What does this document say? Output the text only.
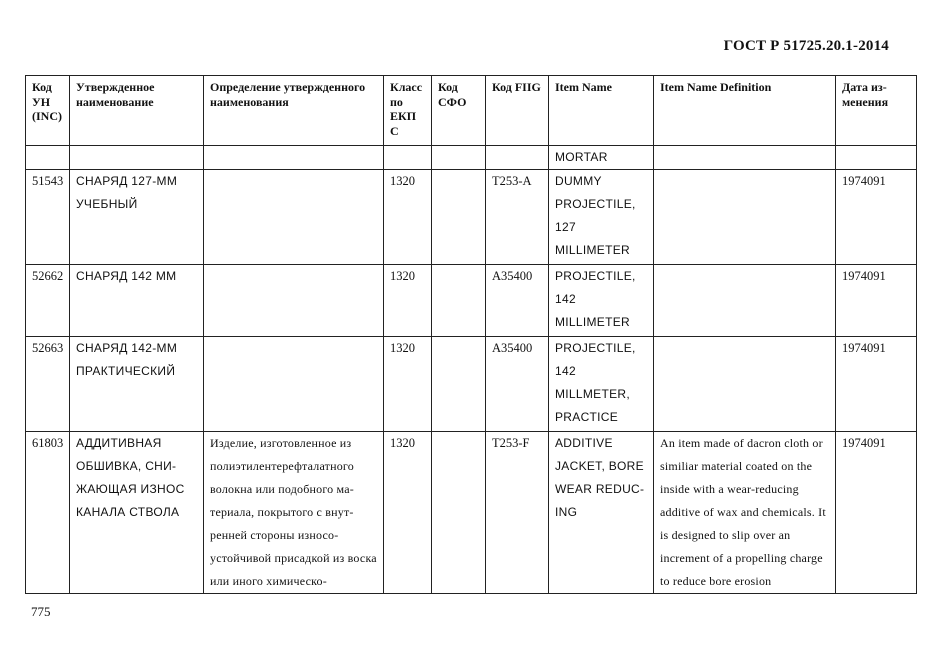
ГОСТ Р 51725.20.1-2014
Код УН (INC)	Утвержденное наименование	Определение утвержденного наименования	Класс по ЕКП С	Код СФО	Код FIIG	Item Name	Item Name Definition	Дата из-менения
						MORTAR		
51543	СНАРЯД 127-ММ УЧЕБНЫЙ		1320		T253-A	DUMMY PROJECTILE, 127 MILLIMETER		1974091
52662	СНАРЯД 142 ММ		1320		A35400	PROJECTILE, 142 MILLIMETER		1974091
52663	СНАРЯД 142-ММ ПРАКТИЧЕСКИЙ		1320		A35400	PROJECTILE, 142 MILLMETER, PRACTICE		1974091
61803	АДДИТИВНАЯ ОБШИВКА, СНИ-ЖАЮЩАЯ ИЗНОС КАНАЛА СТВОЛА	Изделие, изготовленное из полиэтилентерефталатного волокна или подобного ма-териала, покрытого с внут-ренней стороны износо-устойчивой присадкой из воска или иного химическо-	1320		T253-F	ADDITIVE JACKET, BORE WEAR REDUC-ING	An item made of dacron cloth or similiar material coated on the inside with a wear-reducing additive of wax and chemicals. It is designed to slip over an increment of a propelling charge to reduce bore erosion	1974091
775
